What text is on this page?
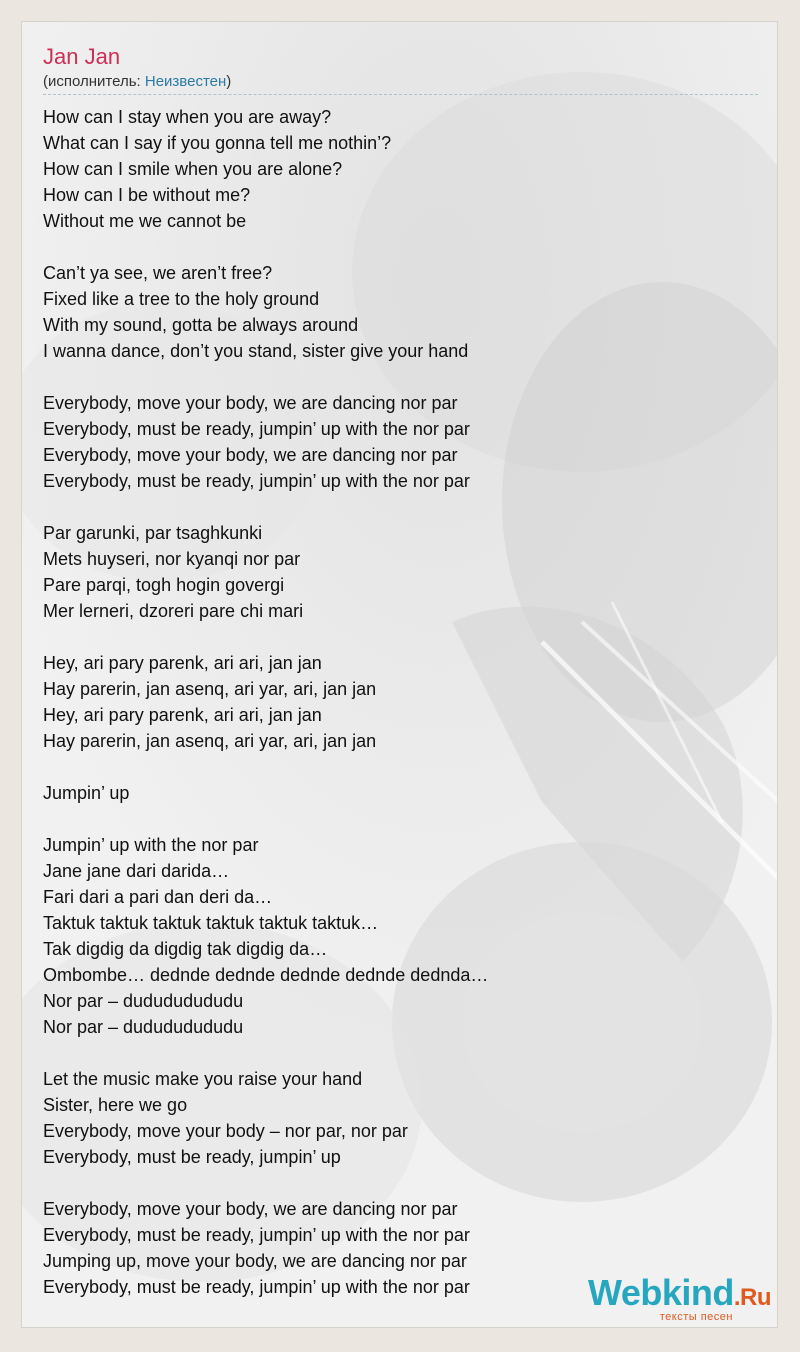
Jan Jan
(исполнитель: Неизвестен)
How can I stay when you are away?
What can I say if you gonna tell me nothin’?
How can I smile when you are alone?
How can I be without me?
Without me we cannot be
Can’t ya see, we aren’t free?
Fixed like a tree to the holy ground
With my sound, gotta be always around
I wanna dance, don’t you stand, sister give your hand
Everybody, move your body, we are dancing nor par
Everybody, must be ready, jumpin’ up with the nor par
Everybody, move your body, we are dancing nor par
Everybody, must be ready, jumpin’ up with the nor par
Par garunki, par tsaghkunki
Mets huyseri, nor kyanqi nor par
Pare parqi, togh hogin govergi
Mer lerneri, dzoreri pare chi mari
Hey, ari pary parenk, ari ari, jan jan
Hay parerin, jan asenq, ari yar, ari, jan jan
Hey, ari pary parenk, ari ari, jan jan
Hay parerin, jan asenq, ari yar, ari, jan jan
Jumpin’ up
Jumpin’ up with the nor par
Jane jane dari darida…
Fari dari a pari dan deri da…
Taktuk taktuk taktuk taktuk taktuk taktuk…
Tak digdig da digdig tak digdig da…
Ombombe… dednde dednde dednde dednde dednda…
Nor par – dudududududu
Nor par – dudududududu
Let the music make you raise your hand
Sister, here we go
Everybody, move your body – nor par, nor par
Everybody, must be ready, jumpin’ up
Everybody, move your body, we are dancing nor par
Everybody, must be ready, jumpin’ up with the nor par
Jumping up, move your body, we are dancing nor par
Everybody, must be ready, jumpin’ up with the nor par	Webkind.Ru
тексты песен
